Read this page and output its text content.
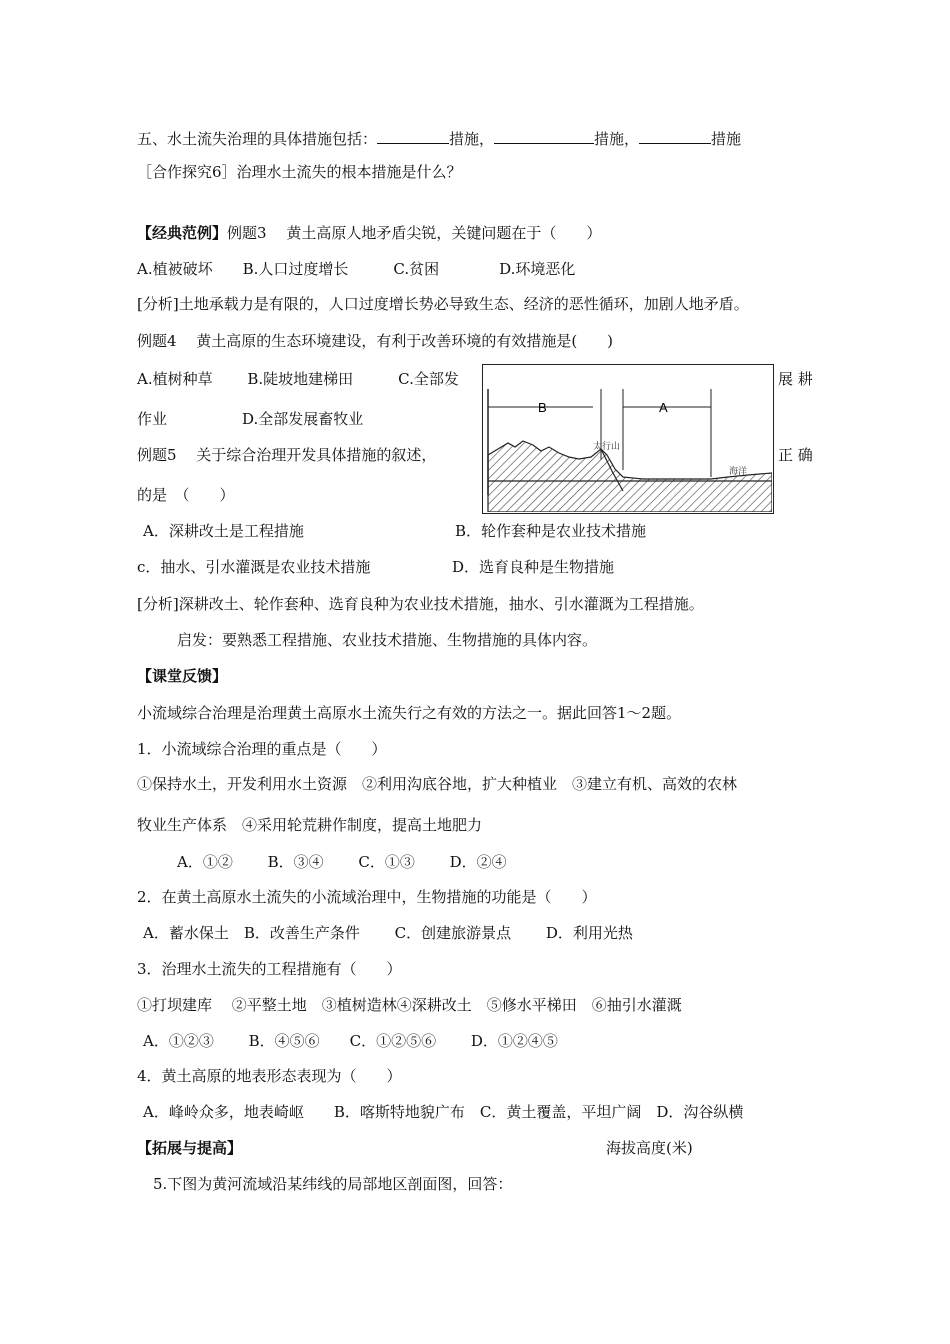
五、水土流失治理的具体措施包括：	措施，	措施，	措施
［合作探究6］治理水土流失的根本措施是什么？
【经典范例】例题3　 黄土高原人地矛盾尖锐，关键问题在于（　　）
A.植被破坏　　B.人口过度增长　　　C.贫困　　　　D.环境恶化
[分析]土地承载力是有限的，人口过度增长势必导致生态、经济的恶性循环，加剧人地矛盾。
例题4　 黄土高原的生态环境建设，有利于改善环境的有效措施是(　　)
A.植树种草　　 B.陡坡地建梯田　　　C.全部发	展 耕
作业　　　　　D.全部发展畜牧业
例题5　 关于综合治理开发具体措施的叙述，	正 确
的是　（　　）
B	A
太行山
海洋
A．深耕改土是工程措施	B．轮作套种是农业技术措施
c．抽水、引水灌溉是农业技术措施	D．选育良种是生物措施
[分析]深耕改土、轮作套种、选育良种为农业技术措施，抽水、引水灌溉为工程措施。
启发：要熟悉工程措施、农业技术措施、生物措施的具体内容。
【课堂反馈】
小流域综合治理是治理黄土高原水土流失行之有效的方法之一。据此回答1～2题。
1．小流域综合治理的重点是（　　）
①保持水土，开发利用水土资源　②利用沟底谷地，扩大种植业　③建立有机、高效的农林
牧业生产体系　④采用轮荒耕作制度，提高土地肥力
A．①②　　 B．③④　　 C．①③　　 D．②④
2．在黄土高原水土流失的小流域治理中，生物措施的功能是（　　）
A．蓄水保土　B．改善生产条件　　 C．创建旅游景点　　 D．利用光热
3．治理水土流失的工程措施有（　　）
①打坝建库　 ②平整土地　③植树造林④深耕改土　⑤修水平梯田　⑥抽引水灌溉
A．①②③　　 B．④⑤⑥　　C．①②⑤⑥　　 D．①②④⑤
4．黄土高原的地表形态表现为（　　）
A．峰岭众多，地表崎岖　　B．喀斯特地貌广布　C．黄土覆盖，平坦广阔　D．沟谷纵横
【拓展与提高】	海拔高度(米)
5.下图为黄河流域沿某纬线的局部地区剖面图，回答：
